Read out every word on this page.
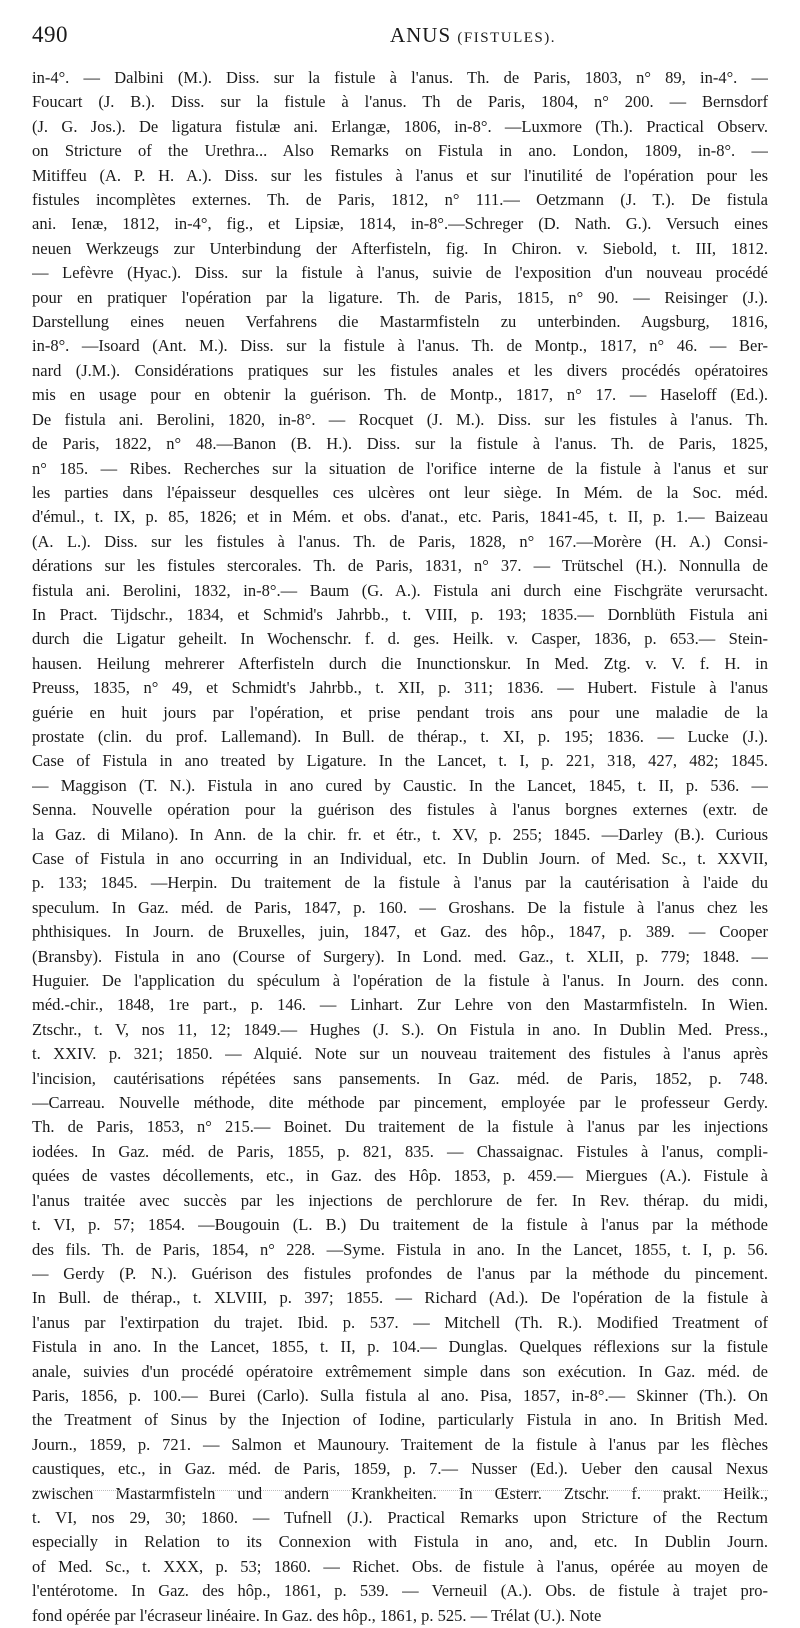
490	ANUS (FISTULES).
in-4°. — Dalbini (M.). Diss. sur la fistule à l'anus. Th. de Paris, 1803, n° 89, in-4°. —
Foucart (J. B.). Diss. sur la fistule à l'anus. Th de Paris, 1804, n° 200. — Bernsdorf
(J. G. Jos.). De ligatura fistulæ ani. Erlangæ, 1806, in-8°. —Luxmore (Th.). Practical Observ.
on Stricture of the Urethra... Also Remarks on Fistula in ano. London, 1809, in-8°. —
Mitiffeu (A. P. H. A.). Diss. sur les fistules à l'anus et sur l'inutilité de l'opération pour les
fistules incomplètes externes. Th. de Paris, 1812, n° 111.— Oetzmann (J. T.). De fistula
ani. Ienæ, 1812, in-4°, fig., et Lipsiæ, 1814, in-8°.—Schreger (D. Nath. G.). Versuch eines
neuen Werkzeugs zur Unterbindung der Afterfisteln, fig. In Chiron. v. Siebold, t. III, 1812.
— Lefèvre (Hyac.). Diss. sur la fistule à l'anus, suivie de l'exposition d'un nouveau procédé
pour en pratiquer l'opération par la ligature. Th. de Paris, 1815, n° 90. — Reisinger (J.).
Darstellung eines neuen Verfahrens die Mastarmfisteln zu unterbinden. Augsburg, 1816,
in-8°. —Isoard (Ant. M.). Diss. sur la fistule à l'anus. Th. de Montp., 1817, n° 46. — Ber-
nard (J.M.). Considérations pratiques sur les fistules anales et les divers procédés opératoires
mis en usage pour en obtenir la guérison. Th. de Montp., 1817, n° 17. — Haseloff (Ed.).
De fistula ani. Berolini, 1820, in-8°. — Rocquet (J. M.). Diss. sur les fistules à l'anus. Th.
de Paris, 1822, n° 48.—Banon (B. H.). Diss. sur la fistule à l'anus. Th. de Paris, 1825,
n° 185. — Ribes. Recherches sur la situation de l'orifice interne de la fistule à l'anus et sur
les parties dans l'épaisseur desquelles ces ulcères ont leur siège. In Mém. de la Soc. méd.
d'émul., t. IX, p. 85, 1826; et in Mém. et obs. d'anat., etc. Paris, 1841-45, t. II, p. 1.— Baizeau
(A. L.). Diss. sur les fistules à l'anus. Th. de Paris, 1828, n° 167.—Morère (H. A.) Consi-
dérations sur les fistules stercorales. Th. de Paris, 1831, n° 37. — Trütschel (H.). Nonnulla de
fistula ani. Berolini, 1832, in-8°.— Baum (G. A.). Fistula ani durch eine Fischgräte verursacht.
In Pract. Tijdschr., 1834, et Schmid's Jahrbb., t. VIII, p. 193; 1835.— Dornblüth Fistula ani
durch die Ligatur geheilt. In Wochenschr. f. d. ges. Heilk. v. Casper, 1836, p. 653.— Stein-
hausen. Heilung mehrerer Afterfisteln durch die Inunctionskur. In Med. Ztg. v. V. f. H. in
Preuss, 1835, n° 49, et Schmidt's Jahrbb., t. XII, p. 311; 1836. — Hubert. Fistule à l'anus
guérie en huit jours par l'opération, et prise pendant trois ans pour une maladie de la
prostate (clin. du prof. Lallemand). In Bull. de thérap., t. XI, p. 195; 1836. — Lucke (J.).
Case of Fistula in ano treated by Ligature. In the Lancet, t. I, p. 221, 318, 427, 482; 1845.
— Maggison (T. N.). Fistula in ano cured by Caustic. In the Lancet, 1845, t. II, p. 536. —
Senna. Nouvelle opération pour la guérison des fistules à l'anus borgnes externes (extr. de
la Gaz. di Milano). In Ann. de la chir. fr. et étr., t. XV, p. 255; 1845. —Darley (B.). Curious
Case of Fistula in ano occurring in an Individual, etc. In Dublin Journ. of Med. Sc., t. XXVII,
p. 133; 1845. —Herpin. Du traitement de la fistule à l'anus par la cautérisation à l'aide du
speculum. In Gaz. méd. de Paris, 1847, p. 160. — Groshans. De la fistule à l'anus chez les
phthisiques. In Journ. de Bruxelles, juin, 1847, et Gaz. des hôp., 1847, p. 389. — Cooper
(Bransby). Fistula in ano (Course of Surgery). In Lond. med. Gaz., t. XLII, p. 779; 1848. —
Huguier. De l'application du spéculum à l'opération de la fistule à l'anus. In Journ. des conn.
méd.-chir., 1848, 1re part., p. 146. — Linhart. Zur Lehre von den Mastarmfisteln. In Wien.
Ztschr., t. V, nos 11, 12; 1849.— Hughes (J. S.). On Fistula in ano. In Dublin Med. Press.,
t. XXIV. p. 321; 1850. — Alquié. Note sur un nouveau traitement des fistules à l'anus après
l'incision, cautérisations répétées sans pansements. In Gaz. méd. de Paris, 1852, p. 748.
—Carreau. Nouvelle méthode, dite méthode par pincement, employée par le professeur Gerdy.
Th. de Paris, 1853, n° 215.— Boinet. Du traitement de la fistule à l'anus par les injections
iodées. In Gaz. méd. de Paris, 1855, p. 821, 835. — Chassaignac. Fistules à l'anus, compli-
quées de vastes décollements, etc., in Gaz. des Hôp. 1853, p. 459.— Miergues (A.). Fistule à
l'anus traitée avec succès par les injections de perchlorure de fer. In Rev. thérap. du midi,
t. VI, p. 57; 1854. —Bougouin (L. B.) Du traitement de la fistule à l'anus par la méthode
des fils. Th. de Paris, 1854, n° 228. —Syme. Fistula in ano. In the Lancet, 1855, t. I, p. 56.
— Gerdy (P. N.). Guérison des fistules profondes de l'anus par la méthode du pincement.
In Bull. de thérap., t. XLVIII, p. 397; 1855. — Richard (Ad.). De l'opération de la fistule à
l'anus par l'extirpation du trajet. Ibid. p. 537. — Mitchell (Th. R.). Modified Treatment of
Fistula in ano. In the Lancet, 1855, t. II, p. 104.— Dunglas. Quelques réflexions sur la fistule
anale, suivies d'un procédé opératoire extrêmement simple dans son exécution. In Gaz. méd. de
Paris, 1856, p. 100.— Burei (Carlo). Sulla fistula al ano. Pisa, 1857, in-8°.— Skinner (Th.). On
the Treatment of Sinus by the Injection of Iodine, particularly Fistula in ano. In British Med.
Journ., 1859, p. 721. — Salmon et Maunoury. Traitement de la fistule à l'anus par les flèches
caustiques, etc., in Gaz. méd. de Paris, 1859, p. 7.— Nusser (Ed.). Ueber den causal Nexus
zwischen Mastarmfisteln und andern Krankheiten. In Œsterr. Ztschr. f. prakt. Heilk.,
t. VI, nos 29, 30; 1860. — Tufnell (J.). Practical Remarks upon Stricture of the Rectum
especially in Relation to its Connexion with Fistula in ano, and, etc. In Dublin Journ.
of Med. Sc., t. XXX, p. 53; 1860. — Richet. Obs. de fistule à l'anus, opérée au moyen de
l'entérotome. In Gaz. des hôp., 1861, p. 539. — Verneuil (A.). Obs. de fistule à trajet pro-
fond opérée par l'écraseur linéaire. In Gaz. des hôp., 1861, p. 525. — Trélat (U.). Note
